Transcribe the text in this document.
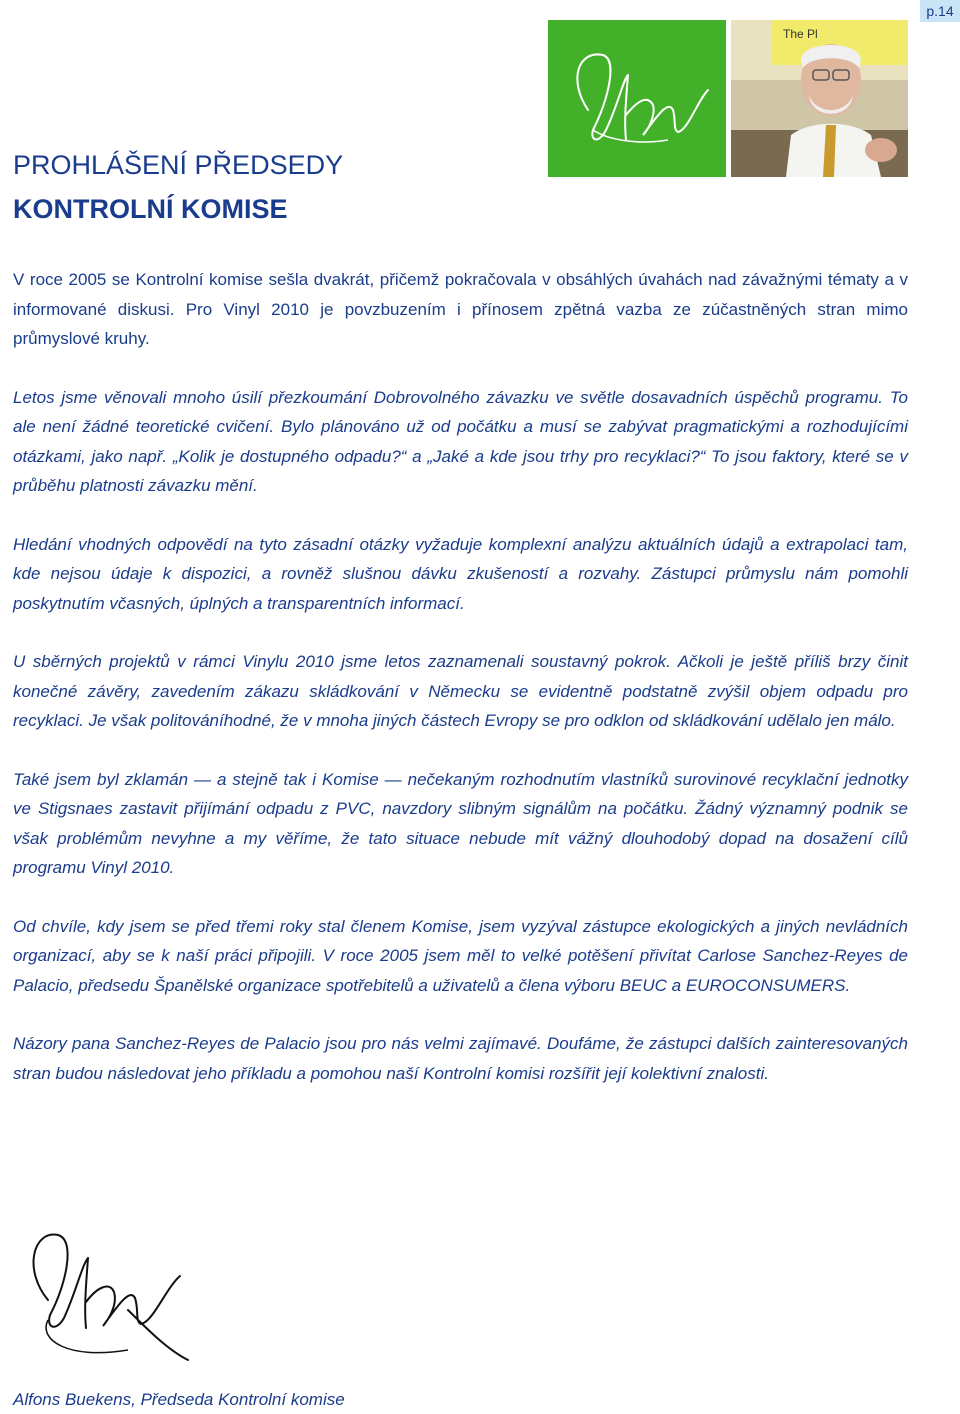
p.14
The Pl
PROHLÁŠENÍ PŘEDSEDY
KONTROLNÍ KOMISE

V roce 2005 se Kontrolní komise sešla dvakrát, přičemž pokračovala v obsáhlých úvahách nad závažnými tématy a v informované diskusi. Pro Vinyl 2010 je povzbuzením i přínosem zpětná vazba ze zúčastněných stran mimo průmyslové kruhy.

Letos jsme věnovali mnoho úsilí přezkoumání Dobrovolného závazku ve světle dosavadních úspěchů programu. To ale není žádné teoretické cvičení. Bylo plánováno už od počátku a musí se zabývat pragmatickými a rozhodujícími otázkami, jako např. „Kolik je dostupného odpadu?“ a „Jaké a kde jsou trhy pro recyklaci?“ To jsou faktory, které se v průběhu platnosti závazku mění.

Hledání vhodných odpovědí na tyto zásadní otázky vyžaduje komplexní analýzu aktuálních údajů a extrapolaci tam, kde nejsou údaje k dispozici, a rovněž slušnou dávku zkušeností a rozvahy. Zástupci průmyslu nám pomohli poskytnutím včasných, úplných a transparentních informací.

U sběrných projektů v rámci Vinylu 2010 jsme letos zaznamenali soustavný pokrok. Ačkoli je ještě příliš brzy činit konečné závěry, zavedením zákazu skládkování v Německu se evidentně podstatně zvýšil objem odpadu pro recyklaci. Je však politováníhodné, že v mnoha jiných částech Evropy se pro odklon od skládkování udělalo jen málo.

Také jsem byl zklamán — a stejně tak i Komise — nečekaným rozhodnutím vlastníků surovinové recyklační jednotky ve Stigsnaes zastavit přijímání odpadu z PVC, navzdory slibným signálům na počátku. Žádný významný podnik se však problémům nevyhne a my věříme, že tato situace nebude mít vážný dlouhodobý dopad na dosažení cílů programu Vinyl 2010.

Od chvíle, kdy jsem se před třemi roky stal členem Komise, jsem vyzýval zástupce ekologických a jiných nevládních organizací, aby se k naší práci připojili. V roce 2005 jsem měl to velké potěšení přivítat Carlose Sanchez-Reyes de Palacio, předsedu Španělské organizace spotřebitelů a uživatelů a člena výboru BEUC a EUROCONSUMERS.

Názory pana Sanchez-Reyes de Palacio jsou pro nás velmi zajímavé. Doufáme, že zástupci dalších zainteresovaných stran budou následovat jeho příkladu a pomohou naší Kontrolní komisi rozšířit její kolektivní znalosti.

Alfons Buekens, Předseda Kontrolní komise
